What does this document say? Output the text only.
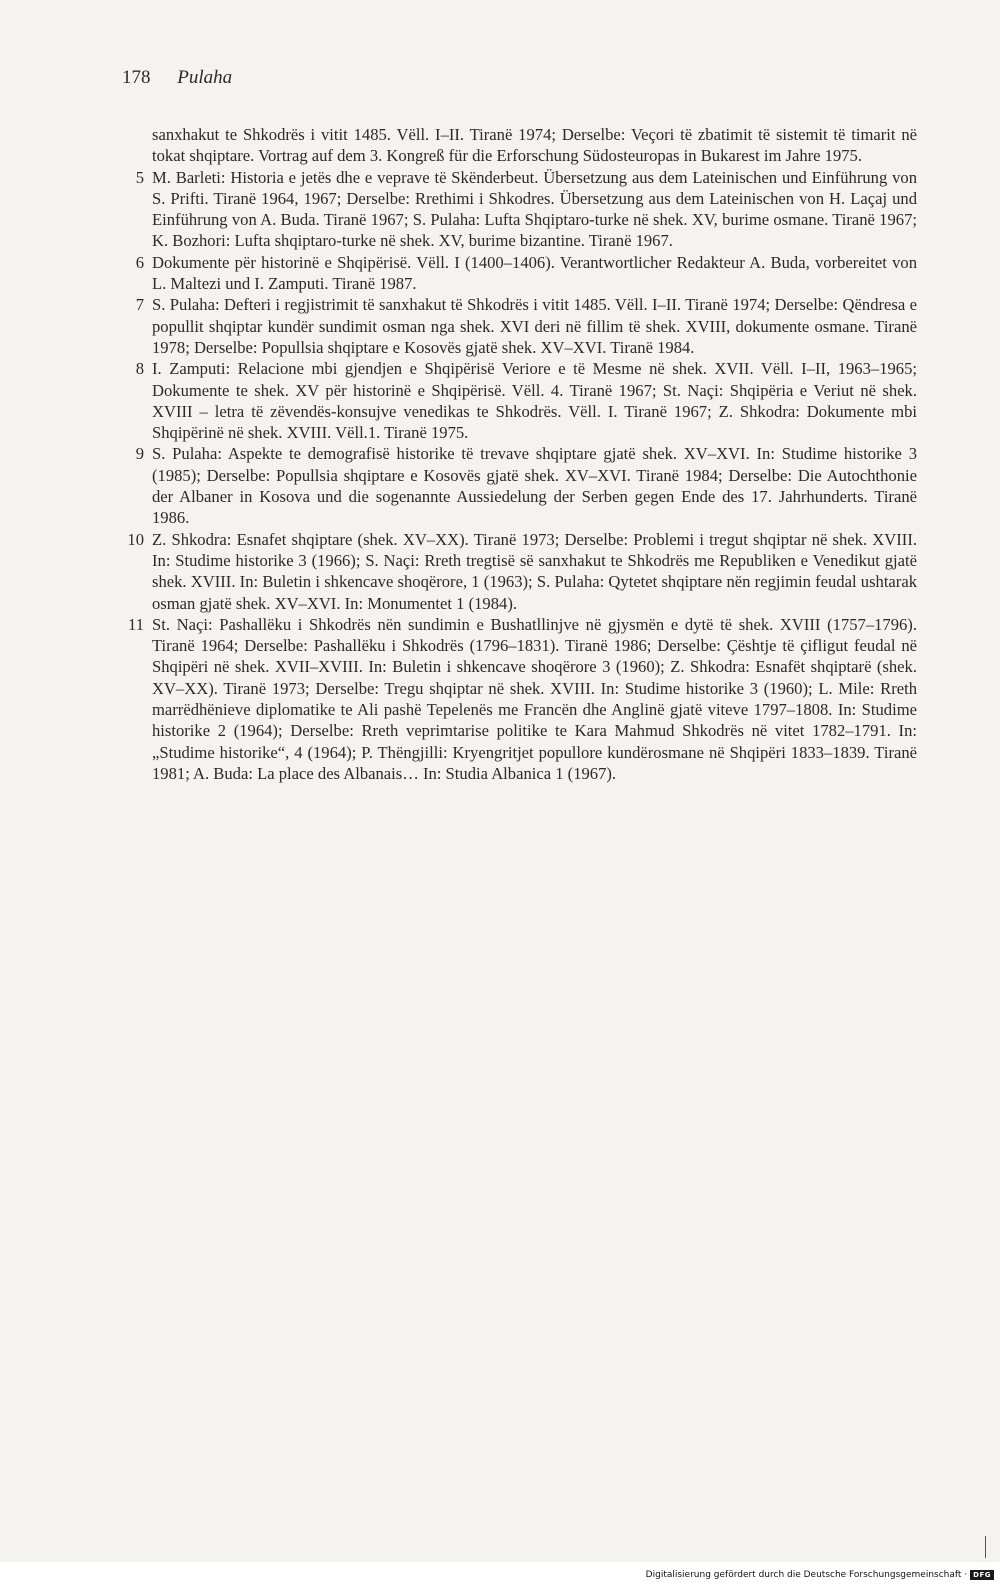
178 Pulaha

sanxhakut te Shkodrës i vitit 1485. Vëll. I–II. Tiranë 1974; Derselbe: Veçori të zbatimit të sistemit të timarit në tokat shqiptare. Vortrag auf dem 3. Kongreß für die Erforschung Südosteuropas in Bukarest im Jahre 1975.

5 M. Barleti: Historia e jetës dhe e veprave të Skënderbeut. Übersetzung aus dem Lateinischen und Einführung von S. Prifti. Tiranë 1964, 1967; Derselbe: Rrethimi i Shkodres. Übersetzung aus dem Lateinischen von H. Laçaj und Einführung von A. Buda. Tiranë 1967; S. Pulaha: Lufta Shqiptaro-turke në shek. XV, burime osmane. Tiranë 1967; K. Bozhori: Lufta shqiptaro-turke në shek. XV, burime bizantine. Tiranë 1967.

6 Dokumente për historinë e Shqipërisë. Vëll. I (1400–1406). Verantwortlicher Redakteur A. Buda, vorbereitet von L. Maltezi und I. Zamputi. Tiranë 1987.

7 S. Pulaha: Defteri i regjistrimit të sanxhakut të Shkodrës i vitit 1485. Vëll. I–II. Tiranë 1974; Derselbe: Qëndresa e popullit shqiptar kundër sundimit osman nga shek. XVI deri në fillim të shek. XVIII, dokumente osmane. Tiranë 1978; Derselbe: Popullsia shqiptare e Kosovës gjatë shek. XV–XVI. Tiranë 1984.

8 I. Zamputi: Relacione mbi gjendjen e Shqipërisë Veriore e të Mesme në shek. XVII. Vëll. I–II, 1963–1965; Dokumente te shek. XV për historinë e Shqipërisë. Vëll. 4. Tiranë 1967; St. Naçi: Shqipëria e Veriut në shek. XVIII – letra të zëvendës-konsujve venedikas te Shkodrës. Vëll. I. Tiranë 1967; Z. Shkodra: Dokumente mbi Shqipërinë në shek. XVIII. Vëll.1. Tiranë 1975.

9 S. Pulaha: Aspekte te demografisë historike të trevave shqiptare gjatë shek. XV–XVI. In: Studime historike 3 (1985); Derselbe: Popullsia shqiptare e Kosovës gjatë shek. XV–XVI. Tiranë 1984; Derselbe: Die Autochthonie der Albaner in Kosova und die sogenannte Aussiedelung der Serben gegen Ende des 17. Jahrhunderts. Tiranë 1986.

10 Z. Shkodra: Esnafet shqiptare (shek. XV–XX). Tiranë 1973; Derselbe: Problemi i tregut shqiptar në shek. XVIII. In: Studime historike 3 (1966); S. Naçi: Rreth tregtisë së sanxhakut te Shkodrës me Republiken e Venedikut gjatë shek. XVIII. In: Buletin i shkencave shoqërore, 1 (1963); S. Pulaha: Qytetet shqiptare nën regjimin feudal ushtarak osman gjatë shek. XV–XVI. In: Monumentet 1 (1984).

11 St. Naçi: Pashallëku i Shkodrës nën sundimin e Bushatllinjve në gjysmën e dytë të shek. XVIII (1757–1796). Tiranë 1964; Derselbe: Pashallëku i Shkodrës (1796–1831). Tiranë 1986; Derselbe: Çështje të çifligut feudal në Shqipëri në shek. XVII–XVIII. In: Buletin i shkencave shoqërore 3 (1960); Z. Shkodra: Esnafët shqiptarë (shek. XV–XX). Tiranë 1973; Derselbe: Tregu shqiptar në shek. XVIII. In: Studime historike 3 (1960); L. Mile: Rreth marrëdhënieve diplomatike te Ali pashë Tepelenës me Francën dhe Anglinë gjatë viteve 1797–1808. In: Studime historike 2 (1964); Derselbe: Rreth veprimtarise politike te Kara Mahmud Shkodrës në vitet 1782–1791. In: „Studime historike“, 4 (1964); P. Thëngjilli: Kryengritjet popullore kundërosmane në Shqipëri 1833–1839. Tiranë 1981; A. Buda: La place des Albanais… In: Studia Albanica 1 (1967).

Digitalisierung gefördert durch die Deutsche Forschungsgemeinschaft · DFG
